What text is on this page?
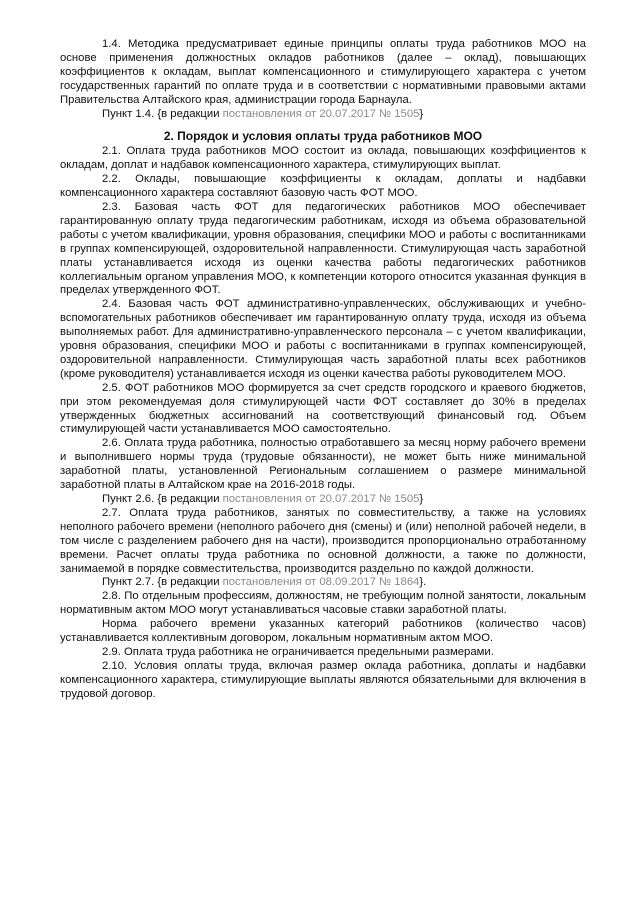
1.4. Методика предусматривает единые принципы оплаты труда работников МОО на основе применения должностных окладов работников (далее – оклад), повышающих коэффициентов к окладам, выплат компенсационного и стимулирующего характера с учетом государственных гарантий по оплате труда и в соответствии с нормативными правовыми актами Правительства Алтайского края, администрации города Барнаула.

Пункт 1.4. {в редакции постановления от 20.07.2017 № 1505}

2. Порядок и условия оплаты труда работников МОО

2.1. Оплата труда работников МОО состоит из оклада, повышающих коэффициентов к окладам, доплат и надбавок компенсационного характера, стимулирующих выплат.

2.2. Оклады, повышающие коэффициенты к окладам, доплаты и надбавки компенсационного характера составляют базовую часть ФОТ МОО.

2.3. Базовая часть ФОТ для педагогических работников МОО обеспечивает гарантированную оплату труда педагогическим работникам, исходя из объема образовательной работы с учетом квалификации, уровня образования, специфики МОО и работы с воспитанниками в группах компенсирующей, оздоровительной направленности. Стимулирующая часть заработной платы устанавливается исходя из оценки качества работы педагогических работников коллегиальным органом управления МОО, к компетенции которого относится указанная функция в пределах утвержденного ФОТ.

2.4. Базовая часть ФОТ административно-управленческих, обслуживающих и учебно-вспомогательных работников обеспечивает им гарантированную оплату труда, исходя из объема выполняемых работ. Для административно-управленческого персонала – с учетом квалификации, уровня образования, специфики МОО и работы с воспитанниками в группах компенсирующей, оздоровительной направленности. Стимулирующая часть заработной платы всех работников (кроме руководителя) устанавливается исходя из оценки качества работы руководителем МОО.

2.5. ФОТ работников МОО формируется за счет средств городского и краевого бюджетов, при этом рекомендуемая доля стимулирующей части ФОТ составляет до 30% в пределах утвержденных бюджетных ассигнований на соответствующий финансовый год. Объем стимулирующей части устанавливается МОО самостоятельно.

2.6. Оплата труда работника, полностью отработавшего за месяц норму рабочего времени и выполнившего нормы труда (трудовые обязанности), не может быть ниже минимальной заработной платы, установленной Региональным соглашением о размере минимальной заработной платы в Алтайском крае на 2016-2018 годы.

Пункт 2.6. {в редакции постановления от 20.07.2017 № 1505}

2.7. Оплата труда работников, занятых по совместительству, а также на условиях неполного рабочего времени (неполного рабочего дня (смены) и (или) неполной рабочей недели, в том числе с разделением рабочего дня на части), производится пропорционально отработанному времени. Расчет оплаты труда работника по основной должности, а также по должности, занимаемой в порядке совместительства, производится раздельно по каждой должности.

Пункт 2.7. {в редакции постановления от 08.09.2017 № 1864}.

2.8. По отдельным профессиям, должностям, не требующим полной занятости, локальным нормативным актом МОО могут устанавливаться часовые ставки заработной платы.

Норма рабочего времени указанных категорий работников (количество часов) устанавливается коллективным договором, локальным нормативным актом МОО.

2.9. Оплата труда работника не ограничивается предельными размерами.

2.10. Условия оплаты труда, включая размер оклада работника, доплаты и надбавки компенсационного характера, стимулирующие выплаты являются обязательными для включения в трудовой договор.
